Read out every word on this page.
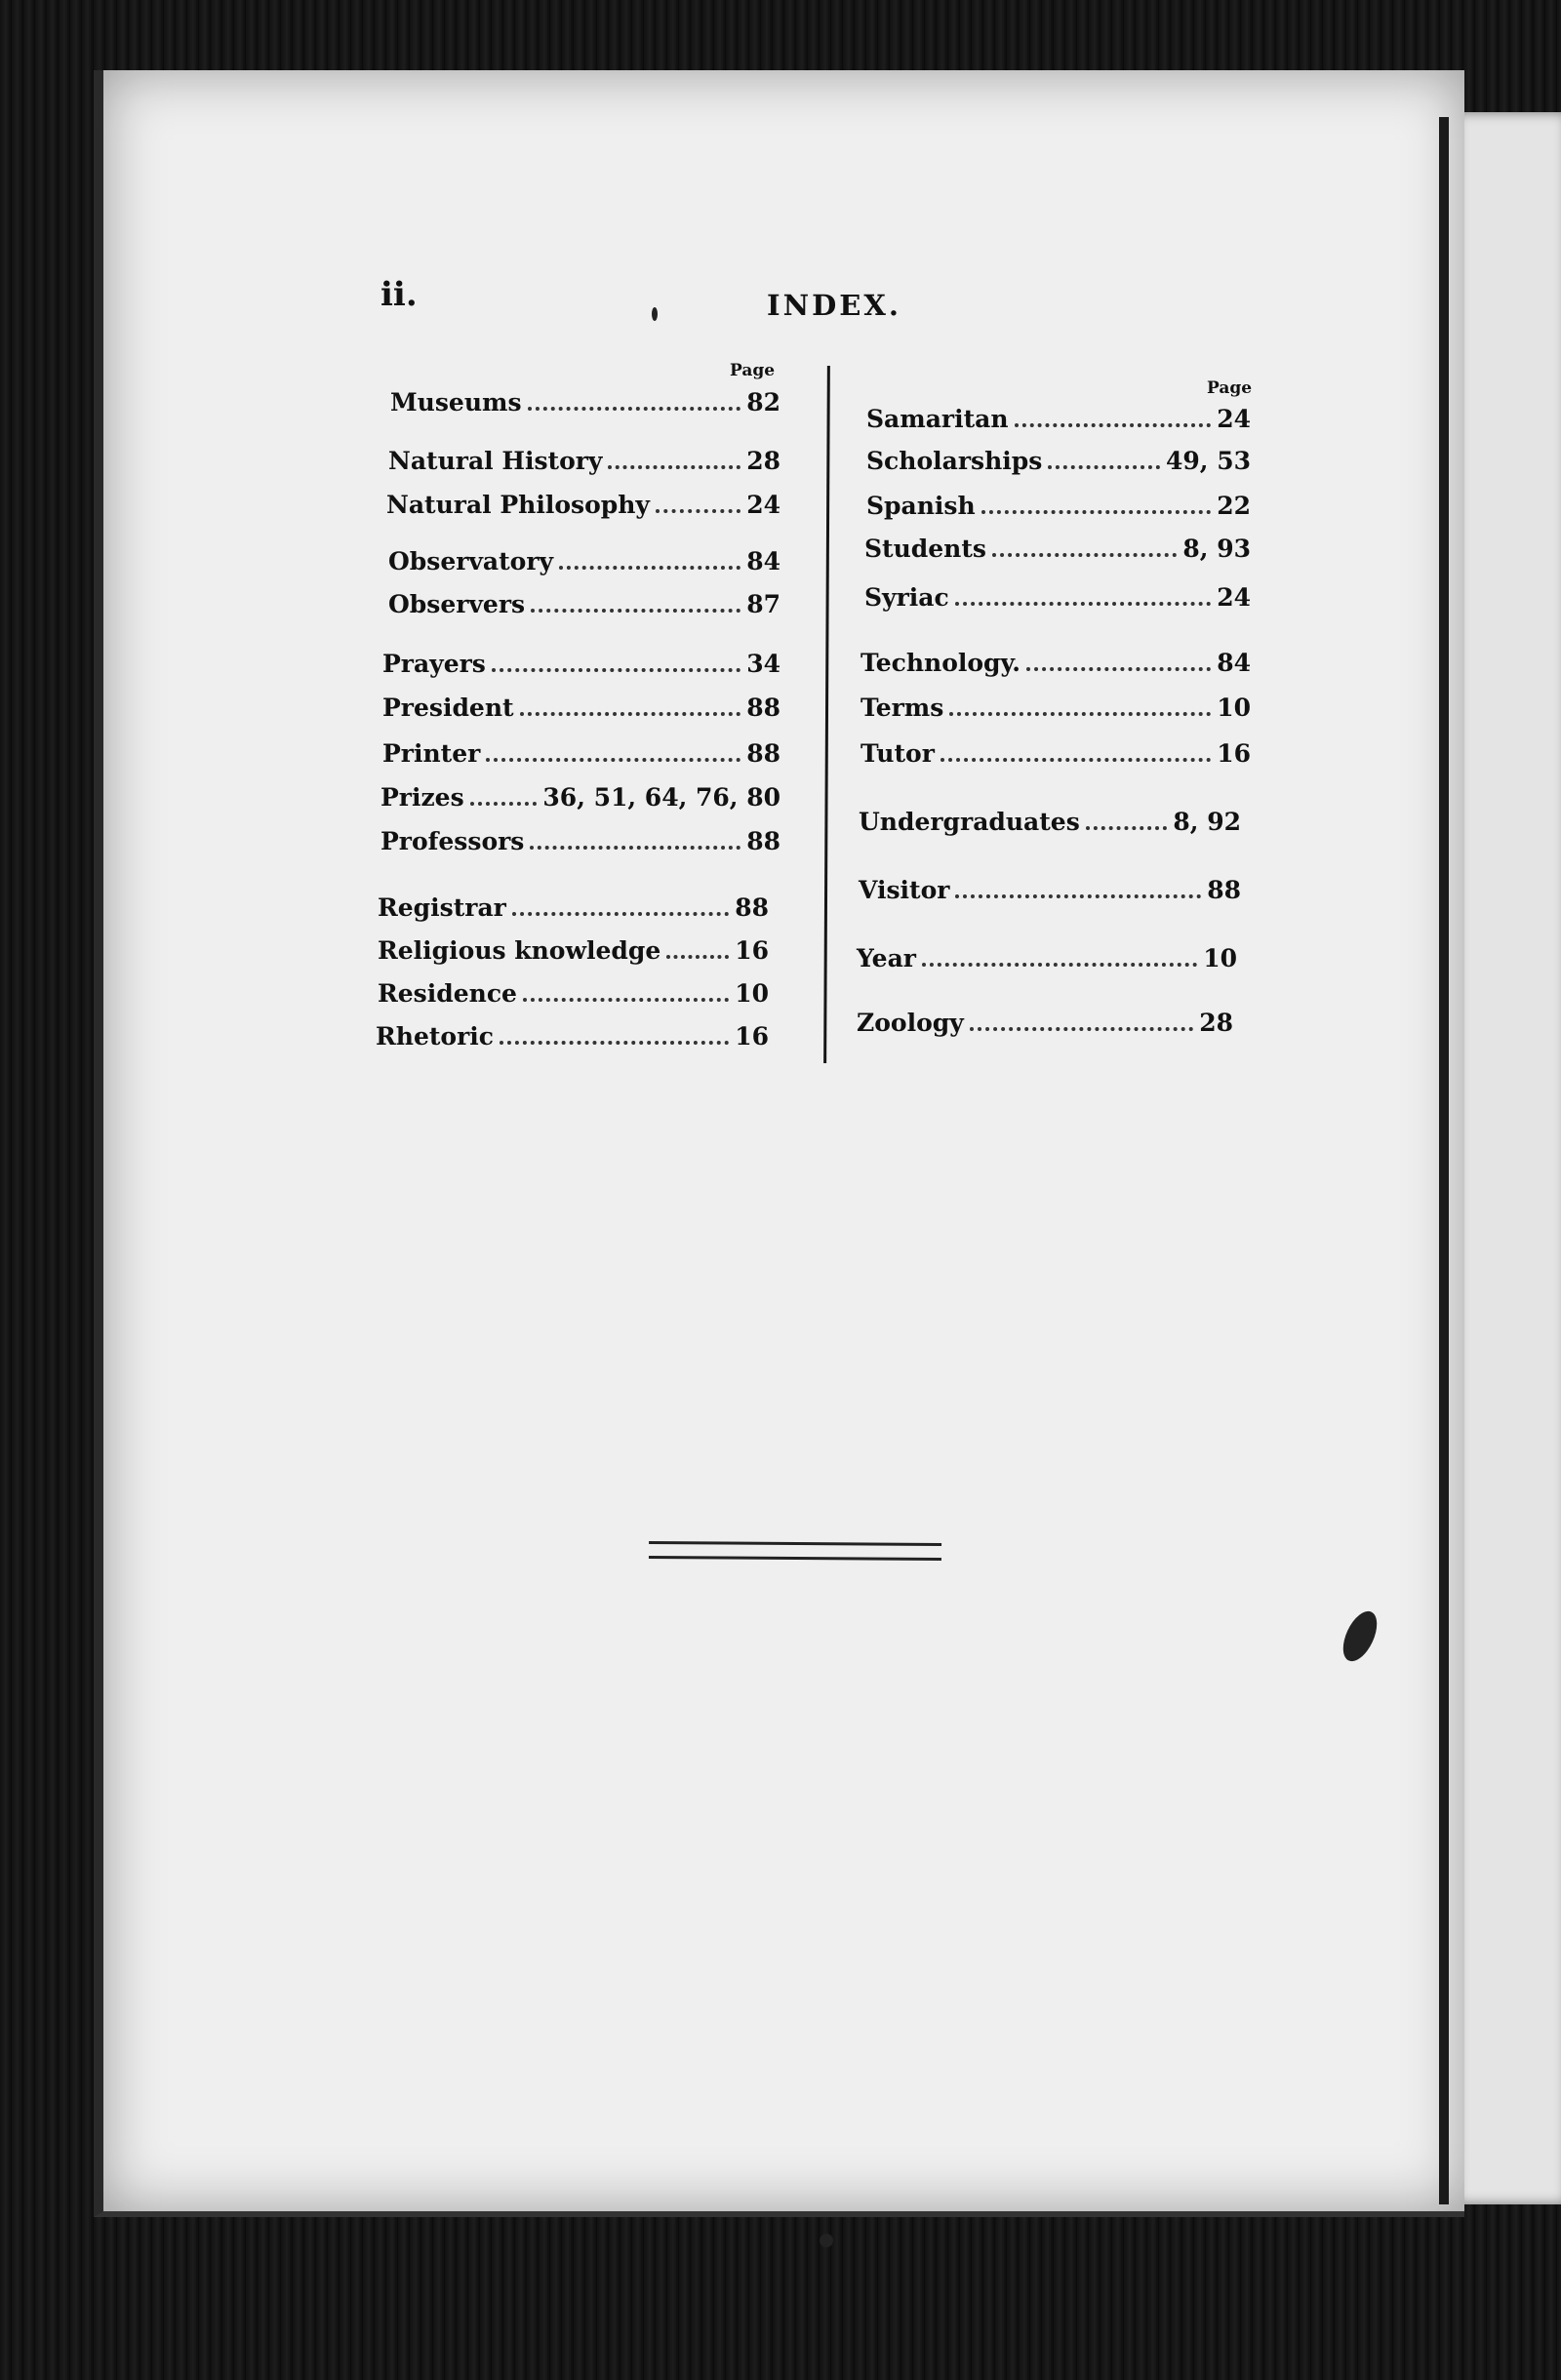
ii.	INDEX.
Page
Page
Museums	82
Natural History	28
Natural Philosophy	24
Observatory	84
Observers	87
Prayers	34
President	88
Printer	88
Prizes	36, 51, 64, 76, 80
Professors	88
Registrar	88
Religious knowledge	16
Residence	10
Rhetoric	16
Samaritan	24
Scholarships	49, 53
Spanish	22
Students	8, 93
Syriac	24
Technology.	84
Terms	10
Tutor	16
Undergraduates	8, 92
Visitor	88
Year	10
Zoology	28
